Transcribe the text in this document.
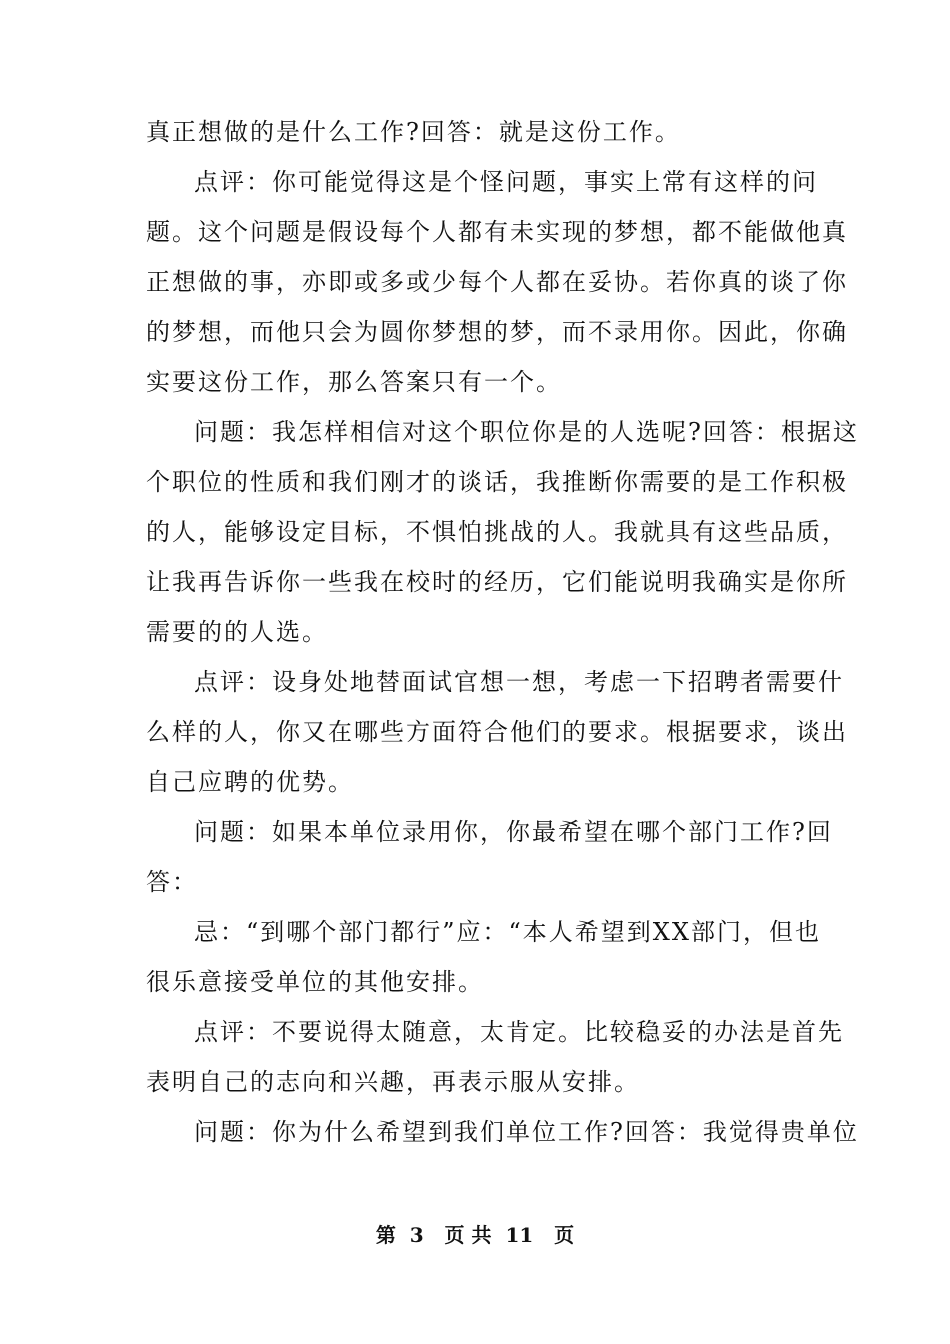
真正想做的是什么工作?回答：就是这份工作。
点评：你可能觉得这是个怪问题，事实上常有这样的问
题。这个问题是假设每个人都有未实现的梦想，都不能做他真
正想做的事，亦即或多或少每个人都在妥协。若你真的谈了你
的梦想，而他只会为圆你梦想的梦，而不录用你。因此，你确
实要这份工作，那么答案只有一个。
问题：我怎样相信对这个职位你是的人选呢?回答：根据这
个职位的性质和我们刚才的谈话，我推断你需要的是工作积极
的人，能够设定目标，不惧怕挑战的人。我就具有这些品质，
让我再告诉你一些我在校时的经历，它们能说明我确实是你所
需要的的人选。
点评：设身处地替面试官想一想，考虑一下招聘者需要什
么样的人，你又在哪些方面符合他们的要求。根据要求，谈出
自己应聘的优势。
问题：如果本单位录用你，你最希望在哪个部门工作?回
答：
忌：“到哪个部门都行”应：“本人希望到XX部门，但也
很乐意接受单位的其他安排。
点评：不要说得太随意，太肯定。比较稳妥的办法是首先
表明自己的志向和兴趣，再表示服从安排。
问题：你为什么希望到我们单位工作?回答：我觉得贵单位
第  3   页 共  11   页
